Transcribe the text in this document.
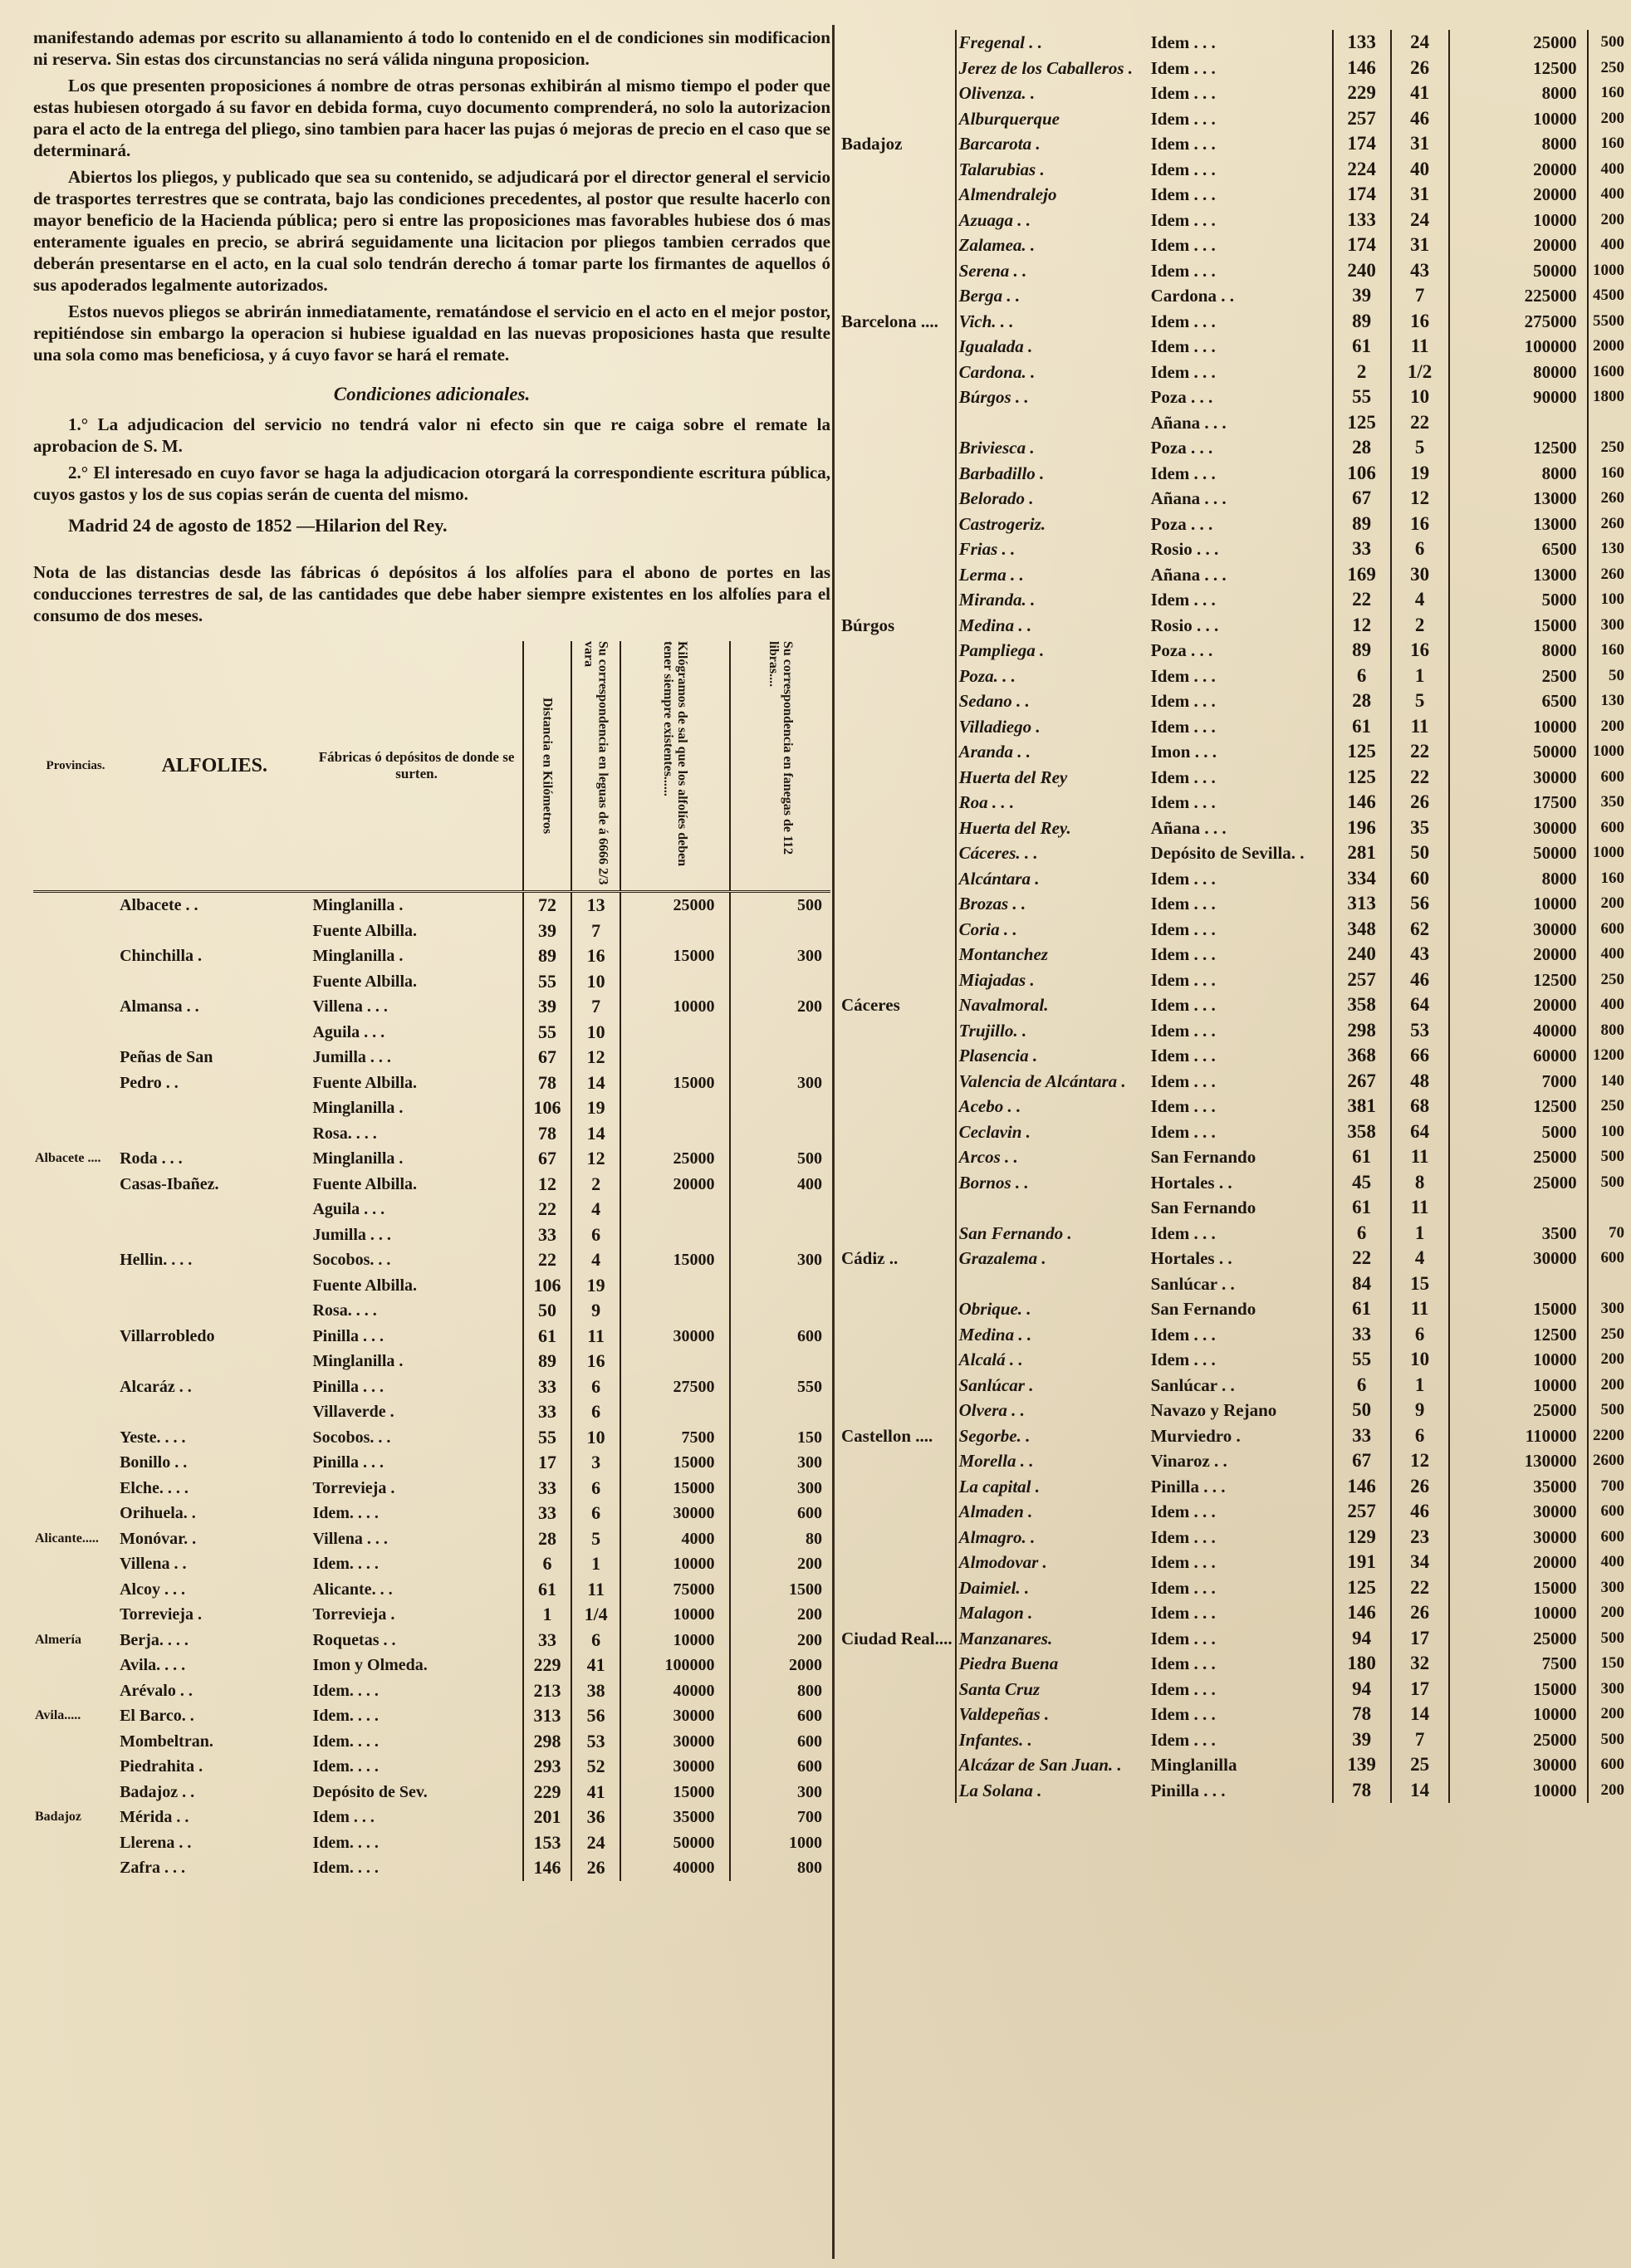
manifestando ademas por escrito su allanamiento á todo lo contenido en el de condiciones sin modificacion ni reserva. Sin estas dos circunstancias no será válida ninguna proposicion.

Los que presenten proposiciones á nombre de otras personas exhibirán al mismo tiempo el poder que estas hubiesen otorgado á su favor en debida forma, cuyo documento comprenderá, no solo la autorizacion para el acto de la entrega del pliego, sino tambien para hacer las pujas ó mejoras de precio en el caso que se determinará.

Abiertos los pliegos, y publicado que sea su contenido, se adjudicará por el director general el servicio de trasportes terrestres que se contrata, bajo las condiciones precedentes, al postor que resulte hacerlo con mayor beneficio de la Hacienda pública; pero si entre las proposiciones mas favorables hubiese dos ó mas enteramente iguales en precio, se abrirá seguidamente una licitacion por pliegos tambien cerrados que deberán presentarse en el acto, en la cual solo tendrán derecho á tomar parte los firmantes de aquellos ó sus apoderados legalmente autorizados.

Estos nuevos pliegos se abrirán inmediatamente, rematándose el servicio en el acto en el mejor postor, repitiéndose sin embargo la operacion si hubiese igualdad en las nuevas proposiciones hasta que resulte una sola como mas beneficiosa, y á cuyo favor se hará el remate.

Condiciones adicionales.

1.° La adjudicacion del servicio no tendrá valor ni efecto sin que re caiga sobre el remate la aprobacion de S. M.

2.° El interesado en cuyo favor se haga la adjudicacion otorgará la correspondiente escritura pública, cuyos gastos y los de sus copias serán de cuenta del mismo.

Madrid 24 de agosto de 1852 —Hilarion del Rey.

Nota de las distancias desde las fábricas ó depósitos á los alfolíes para el abono de portes en las conducciones terrestres de sal, de las cantidades que debe haber siempre existentes en los alfolíes para el consumo de dos meses.

Provincias.	ALFOLIES.	Fábricas ó depósitos de donde se surten.	Distancia en Kilómetros	Su correspondencia en leguas de á 6666 2/3 vara	Kilógramos de sal que los alfolíes deben tener siempre existentes......	Su correspondencia en fanegas de 112 libras....

	Albacete . .	Minglanilla .	72	13	25000	500
		Fuente Albilla.	39	7		
	Chinchilla .	Minglanilla .	89	16	15000	300
		Fuente Albilla.	55	10		
	Almansa . .	Villena . . .	39	7	10000	200
		Aguila . . .	55	10		
	Peñas de San	Jumilla . . .	67	12		
	Pedro . .	Fuente Albilla.	78	14	15000	300
		Minglanilla .	106	19		
		Rosa. . . .	78	14		
Albacete ....	Roda . . .	Minglanilla .	67	12	25000	500
	Casas-Ibañez.	Fuente Albilla.	12	2	20000	400
		Aguila . . .	22	4		
		Jumilla . . .	33	6		
	Hellin. . . .	Socobos. . .	22	4	15000	300
		Fuente Albilla.	106	19		
		Rosa. . . .	50	9		
	Villarrobledo	Pinilla . . .	61	11	30000	600
		Minglanilla .	89	16		
	Alcaráz . .	Pinilla . . .	33	6	27500	550
		Villaverde .	33	6		
	Yeste. . . .	Socobos. . .	55	10	7500	150
	Bonillo . .	Pinilla . . .	17	3	15000	300
	Elche. . . .	Torrevieja .	33	6	15000	300
	Orihuela. .	Idem. . . .	33	6	30000	600
Alicante.....	Monóvar. .	Villena . . .	28	5	4000	80
	Villena . .	Idem. . . .	6	1	10000	200
	Alcoy . . .	Alicante. . .	61	11	75000	1500
	Torrevieja .	Torrevieja .	1	1/4	10000	200
Almería	Berja. . . .	Roquetas . .	33	6	10000	200
	Avila. . . .	Imon y Olmeda.	229	41	100000	2000
	Arévalo . .	Idem. . . .	213	38	40000	800
Avila.....	El Barco. .	Idem. . . .	313	56	30000	600
	Mombeltran.	Idem. . . .	298	53	30000	600
	Piedrahita .	Idem. . . .	293	52	30000	600
	Badajoz . .	Depósito de Sev.	229	41	15000	300
Badajoz	Mérida . .	Idem . . .	201	36	35000	700
	Llerena . .	Idem. . . .	153	24	50000	1000
	Zafra . . .	Idem. . . .	146	26	40000	800
	Fregenal . .	Idem . . .	133	24	25000	500
	Jerez de los Caballeros .	Idem . . .	146	26	12500	250
	Olivenza. .	Idem . . .	229	41	8000	160
	Alburquerque	Idem . . .	257	46	10000	200
Badajoz	Barcarota .	Idem . . .	174	31	8000	160
	Talarubias .	Idem . . .	224	40	20000	400
	Almendralejo	Idem . . .	174	31	20000	400
	Azuaga . .	Idem . . .	133	24	10000	200
	Zalamea. .	Idem . . .	174	31	20000	400
	Serena . .	Idem . . .	240	43	50000	1000
	Berga . .	Cardona . .	39	7	225000	4500
Barcelona ....	Vich. . .	Idem . . .	89	16	275000	5500
	Igualada .	Idem . . .	61	11	100000	2000
	Cardona. .	Idem . . .	2	1/2	80000	1600
	Búrgos . .	Poza . . .	55	10	90000	1800
		Añana . . .	125	22		
	Briviesca .	Poza . . .	28	5	12500	250
	Barbadillo .	Idem . . .	106	19	8000	160
	Belorado .	Añana . . .	67	12	13000	260
	Castrogeriz.	Poza . . .	89	16	13000	260
	Frias . .	Rosio . . .	33	6	6500	130
	Lerma . .	Añana . . .	169	30	13000	260
	Miranda. .	Idem . . .	22	4	5000	100
Búrgos	Medina . .	Rosio . . .	12	2	15000	300
	Pampliega .	Poza . . .	89	16	8000	160
	Poza. . .	Idem . . .	6	1	2500	50
	Sedano . .	Idem . . .	28	5	6500	130
	Villadiego .	Idem . . .	61	11	10000	200
	Aranda . .	Imon . . .	125	22	50000	1000
	Huerta del Rey	Idem . . .	125	22	30000	600
	Roa . . .	Idem . . .	146	26	17500	350
	Huerta del Rey.	Añana . . .	196	35	30000	600
	Cáceres. . .	Depósito de Sevilla. .	281	50	50000	1000
	Alcántara .	Idem . . .	334	60	8000	160
	Brozas . .	Idem . . .	313	56	10000	200
	Coria . .	Idem . . .	348	62	30000	600
	Montanchez	Idem . . .	240	43	20000	400
	Miajadas .	Idem . . .	257	46	12500	250
Cáceres	Navalmoral.	Idem . . .	358	64	20000	400
	Trujillo. .	Idem . . .	298	53	40000	800
	Plasencia .	Idem . . .	368	66	60000	1200
	Valencia de Alcántara .	Idem . . .	267	48	7000	140
	Acebo . .	Idem . . .	381	68	12500	250
	Ceclavin .	Idem . . .	358	64	5000	100
	Arcos . .	San Fernando	61	11	25000	500
	Bornos . .	Hortales . .	45	8	25000	500
		San Fernando	61	11		
	San Fernando .	Idem . . .	6	1	3500	70
Cádiz ..	Grazalema .	Hortales . .	22	4	30000	600
		Sanlúcar . .	84	15		
	Obrique. .	San Fernando	61	11	15000	300
	Medina . .	Idem . . .	33	6	12500	250
	Alcalá . .	Idem . . .	55	10	10000	200
	Sanlúcar .	Sanlúcar . .	6	1	10000	200
	Olvera . .	Navazo y Rejano	50	9	25000	500
Castellon ....	Segorbe. .	Murviedro .	33	6	110000	2200
	Morella . .	Vinaroz . .	67	12	130000	2600
	La capital .	Pinilla . . .	146	26	35000	700
	Almaden .	Idem . . .	257	46	30000	600
	Almagro. .	Idem . . .	129	23	30000	600
	Almodovar .	Idem . . .	191	34	20000	400
	Daimiel. .	Idem . . .	125	22	15000	300
	Malagon .	Idem . . .	146	26	10000	200
Ciudad Real....	Manzanares.	Idem . . .	94	17	25000	500
	Piedra Buena	Idem . . .	180	32	7500	150
	Santa Cruz	Idem . . .	94	17	15000	300
	Valdepeñas .	Idem . . .	78	14	10000	200
	Infantes. .	Idem . . .	39	7	25000	500
	Alcázar de San Juan. .	Minglanilla	139	25	30000	600
	La Solana .	Pinilla . . .	78	14	10000	200
